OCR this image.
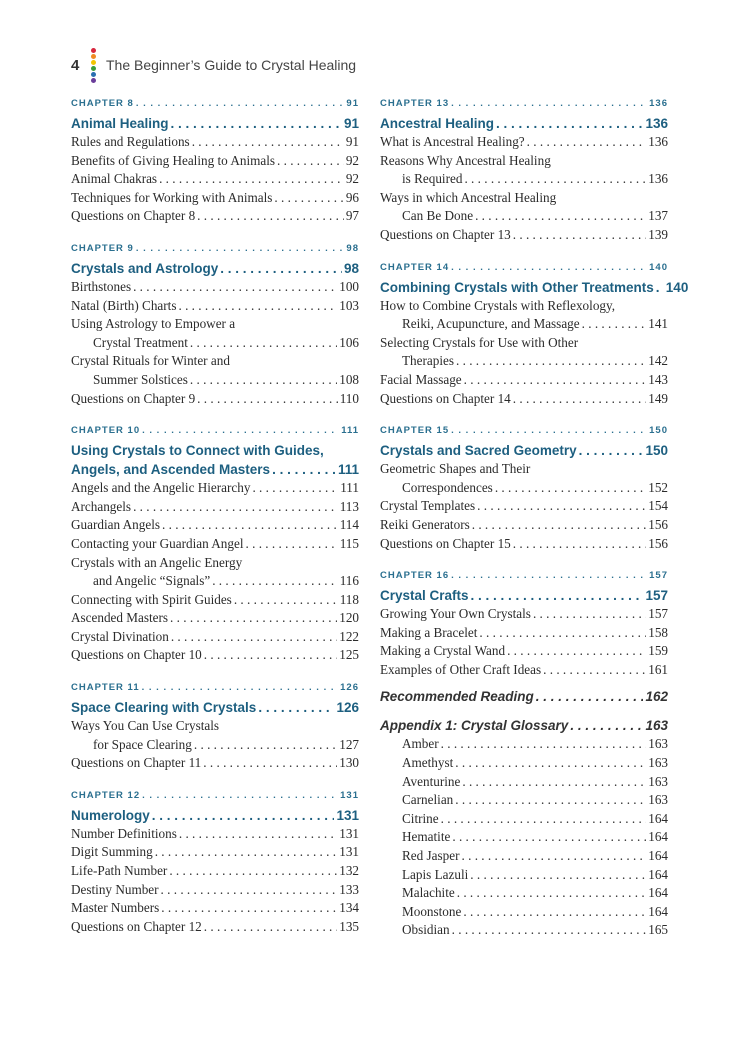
4	The Beginner’s Guide to Crystal Healing
CHAPTER 8 . . .	91
Animal Healing . . .	91
Rules and Regulations . . .	91
Benefits of Giving Healing to Animals . . .	92
Animal Chakras . . .	92
Techniques for Working with Animals . . .	96
Questions on Chapter 8 . . .	97
CHAPTER 9 . . .	98
Crystals and Astrology . . .	98
Birthstones . . .	100
Natal (Birth) Charts . . .	103
Using Astrology to Empower a
Crystal Treatment . . .	106
Crystal Rituals for Winter and
Summer Solstices . . .	108
Questions on Chapter 9 . . .	110
CHAPTER 10 . . .	111
Using Crystals to Connect with Guides,
Angels, and Ascended Masters . . .	111
Angels and the Angelic Hierarchy . . .	111
Archangels . . .	113
Guardian Angels . . .	114
Contacting your Guardian Angel . . .	115
Crystals with an Angelic Energy
and Angelic “Signals” . . .	116
Connecting with Spirit Guides . . .	118
Ascended Masters . . .	120
Crystal Divination . . .	122
Questions on Chapter 10 . . .	125
CHAPTER 11 . . .	126
Space Clearing with Crystals . . .	126
Ways You Can Use Crystals
for Space Clearing . . .	127
Questions on Chapter 11 . . .	130
CHAPTER 12 . . .	131
Numerology . . .	131
Number Definitions . . .	131
Digit Summing . . .	131
Life-Path Number . . .	132
Destiny Number . . .	133
Master Numbers . . .	134
Questions on Chapter 12 . . .	135
CHAPTER 13 . . .	136
Ancestral Healing . . .	136
What is Ancestral Healing? . . .	136
Reasons Why Ancestral Healing
is Required . . .	136
Ways in which Ancestral Healing
Can Be Done . . .	137
Questions on Chapter 13 . . .	139
CHAPTER 14 . . .	140
Combining Crystals with Other Treatments . . . 140
How to Combine Crystals with Reflexology,
Reiki, Acupuncture, and Massage . . .	141
Selecting Crystals for Use with Other
Therapies . . .	142
Facial Massage . . .	143
Questions on Chapter 14 . . .	149
CHAPTER 15 . . .	150
Crystals and Sacred Geometry . . .	150
Geometric Shapes and Their
Correspondences . . .	152
Crystal Templates . . .	154
Reiki Generators . . .	156
Questions on Chapter 15 . . .	156
CHAPTER 16 . . .	157
Crystal Crafts . . .	157
Growing Your Own Crystals . . .	157
Making a Bracelet . . .	158
Making a Crystal Wand . . .	159
Examples of Other Craft Ideas . . .	161
Recommended Reading . . .	162
Appendix 1: Crystal Glossary . . .	163
Amber . . .	163
Amethyst . . .	163
Aventurine . . .	163
Carnelian . . .	163
Citrine . . .	164
Hematite . . .	164
Red Jasper . . .	164
Lapis Lazuli . . .	164
Malachite . . .	164
Moonstone . . .	164
Obsidian . . .	165
